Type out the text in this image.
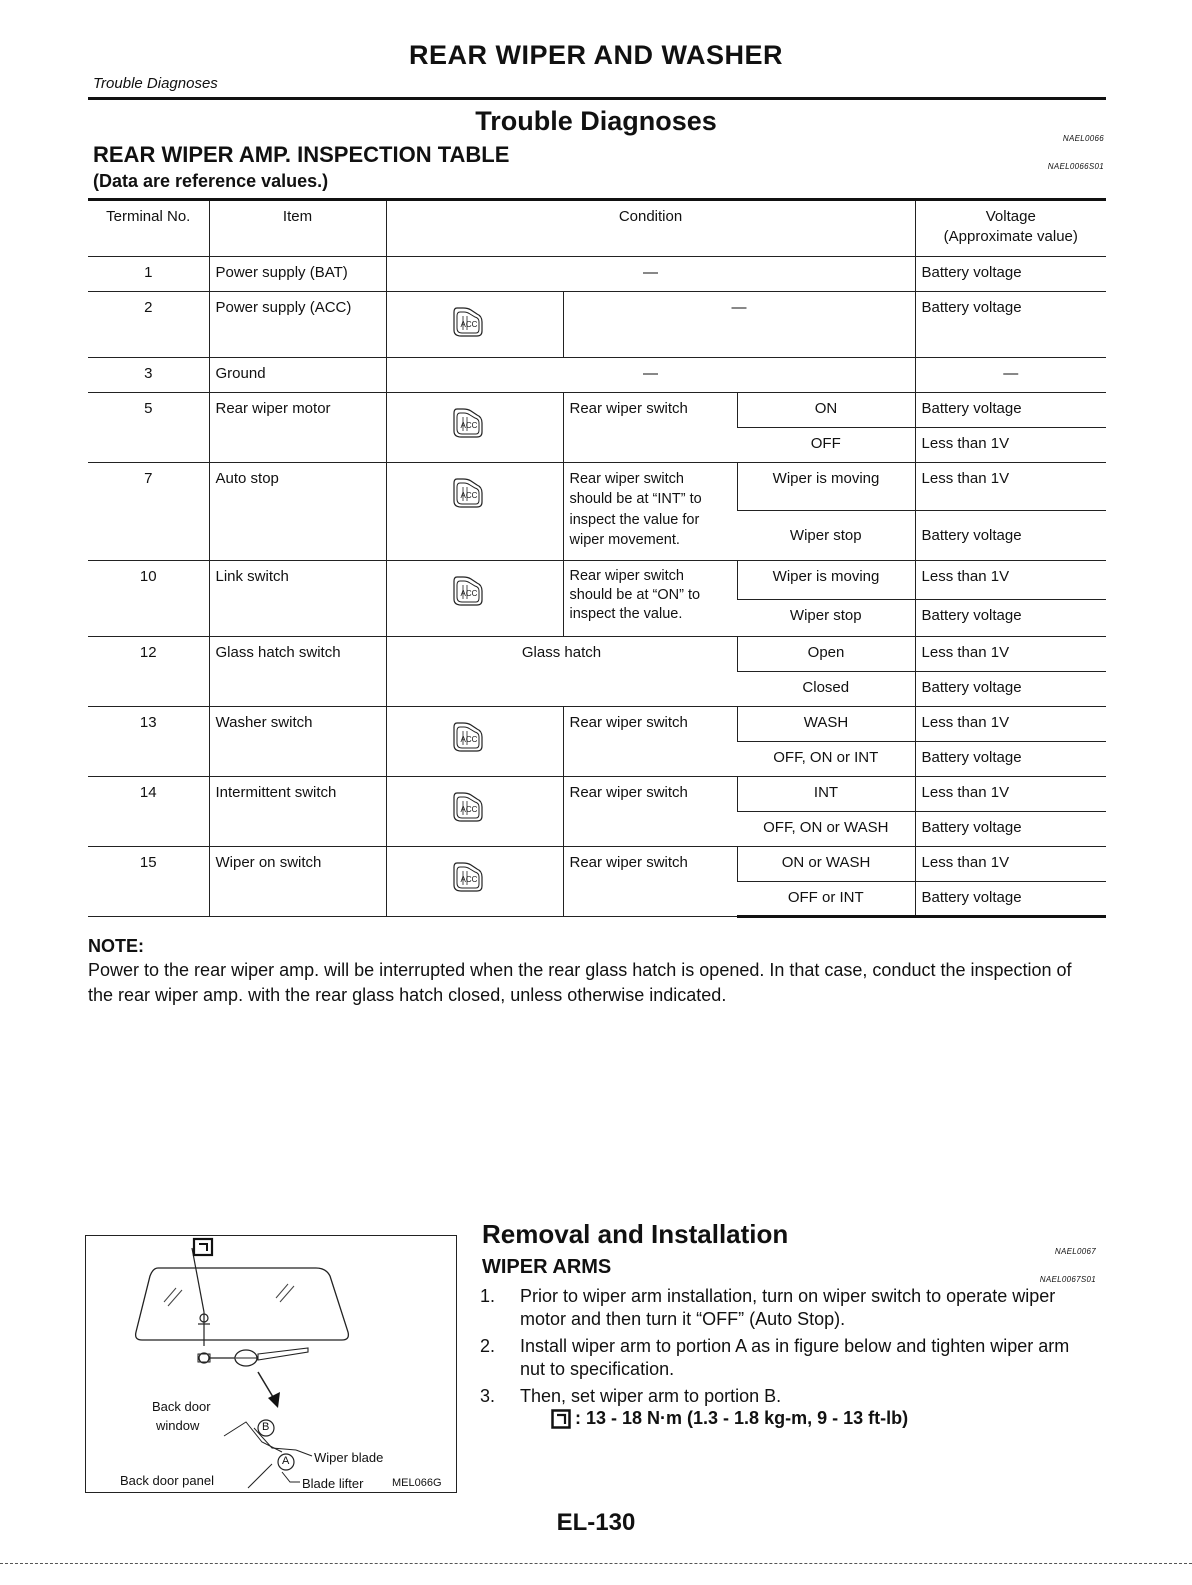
REAR WIPER AND WASHER
Trouble Diagnoses
Trouble Diagnoses
NAEL0066
REAR WIPER AMP. INSPECTION TABLE	NAEL0066S01
(Data are reference values.)
Terminal No.	Item	Condition			Voltage
(Approximate value)
1	Power supply (BAT)	—			Battery voltage
2	Power supply (ACC)	ACC	—		Battery voltage
3	Ground	—			—
5	Rear wiper motor	ACC	Rear wiper switch	ON	Battery voltage
				OFF	Less than 1V
7	Auto stop	ACC	Rear wiper switch should be at “INT” to inspect the value for wiper movement.	Wiper is moving	Less than 1V
				Wiper stop	Battery voltage
10	Link switch	ACC	Rear wiper switch should be at “ON” to inspect the value.	Wiper is moving	Less than 1V
				Wiper stop	Battery voltage
12	Glass hatch switch	Glass hatch		Open	Less than 1V
				Closed	Battery voltage
13	Washer switch	ACC	Rear wiper switch	WASH	Less than 1V
				OFF, ON or INT	Battery voltage
14	Intermittent switch	ACC	Rear wiper switch	INT	Less than 1V
				OFF, ON or WASH	Battery voltage
15	Wiper on switch	ACC	Rear wiper switch	ON or WASH	Less than 1V
				OFF or INT	Battery voltage
NOTE:
Power to the rear wiper amp. will be interrupted when the rear glass hatch is opened. In that case, conduct the inspection of the rear wiper amp. with the rear glass hatch closed, unless otherwise indicated.
Back door
window
Wiper blade
Back door panel	Blade lifter	MEL066G
B
A
Removal and Installation
NAEL0067
WIPER ARMS
NAEL0067S01
1. Prior to wiper arm installation, turn on wiper switch to operate wiper motor and then turn it “OFF” (Auto Stop).
2. Install wiper arm to portion A as in figure below and tighten wiper arm nut to specification.
3. Then, set wiper arm to portion B.
: 13 - 18 N·m (1.3 - 1.8 kg-m, 9 - 13 ft-lb)
EL-130
